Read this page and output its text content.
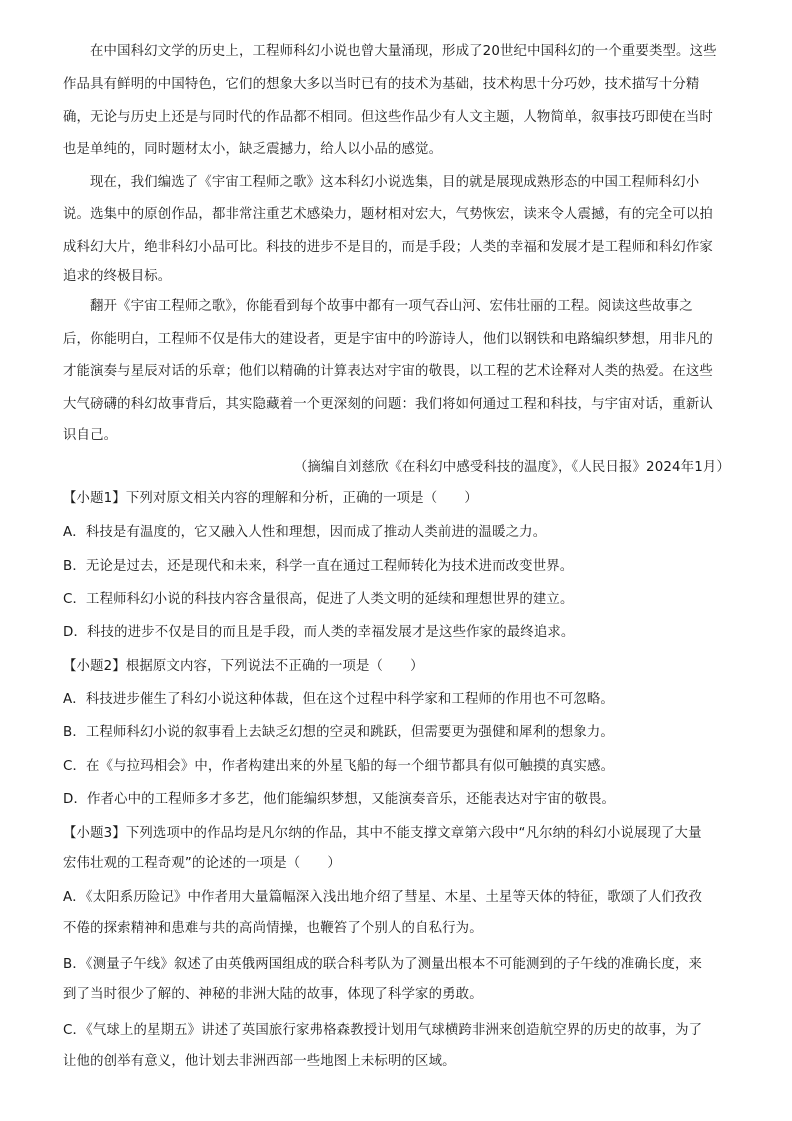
在中国科幻文学的历史上，工程师科幻小说也曾大量涌现，形成了20世纪中国科幻的一个重要类型。这些
作品具有鲜明的中国特色，它们的想象大多以当时已有的技术为基础，技术构思十分巧妙，技术描写十分精
确，无论与历史上还是与同时代的作品都不相同。但这些作品少有人文主题，人物简单，叙事技巧即使在当时
也是单纯的，同时题材太小，缺乏震撼力，给人以小品的感觉。
现在，我们编选了《宇宙工程师之歌》这本科幻小说选集，目的就是展现成熟形态的中国工程师科幻小
说。选集中的原创作品，都非常注重艺术感染力，题材相对宏大，气势恢宏，读来令人震撼，有的完全可以拍
成科幻大片，绝非科幻小品可比。科技的进步不是目的，而是手段；人类的幸福和发展才是工程师和科幻作家
追求的终极目标。
翻开《宇宙工程师之歌》，你能看到每个故事中都有一项气吞山河、宏伟壮丽的工程。阅读这些故事之
后，你能明白，工程师不仅是伟大的建设者，更是宇宙中的吟游诗人，他们以钢铁和电路编织梦想，用非凡的
才能演奏与星辰对话的乐章；他们以精确的计算表达对宇宙的敬畏，以工程的艺术诠释对人类的热爱。在这些
大气磅礴的科幻故事背后，其实隐藏着一个更深刻的问题：我们将如何通过工程和科技，与宇宙对话，重新认
识自己。
（摘编自刘慈欣《在科幻中感受科技的温度》，《人民日报》2024年1月）
【小题1】下列对原文相关内容的理解和分析，正确的一项是（　　）
A．科技是有温度的，它又融入人性和理想，因而成了推动人类前进的温暖之力。
B．无论是过去，还是现代和未来，科学一直在通过工程师转化为技术进而改变世界。
C．工程师科幻小说的科技内容含量很高，促进了人类文明的延续和理想世界的建立。
D．科技的进步不仅是目的而且是手段，而人类的幸福发展才是这些作家的最终追求。
【小题2】根据原文内容，下列说法不正确的一项是（　　）
A．科技进步催生了科幻小说这种体裁，但在这个过程中科学家和工程师的作用也不可忽略。
B．工程师科幻小说的叙事看上去缺乏幻想的空灵和跳跃，但需要更为强健和犀利的想象力。
C．在《与拉玛相会》中，作者构建出来的外星飞船的每一个细节都具有似可触摸的真实感。
D．作者心中的工程师多才多艺，他们能编织梦想，又能演奏音乐，还能表达对宇宙的敬畏。
【小题3】下列选项中的作品均是凡尔纳的作品，其中不能支撑文章第六段中“凡尔纳的科幻小说展现了大量
宏伟壮观的工程奇观”的论述的一项是（　　）
A．《太阳系历险记》中作者用大量篇幅深入浅出地介绍了彗星、木星、土星等天体的特征，歌颂了人们孜孜
不倦的探索精神和患难与共的高尚情操，也鞭笞了个别人的自私行为。
B．《测量子午线》叙述了由英俄两国组成的联合科考队为了测量出根本不可能测到的子午线的准确长度，来
到了当时很少了解的、神秘的非洲大陆的故事，体现了科学家的勇敢。
C．《气球上的星期五》讲述了英国旅行家弗格森教授计划用气球横跨非洲来创造航空界的历史的故事，为了
让他的创举有意义，他计划去非洲西部一些地图上未标明的区域。
